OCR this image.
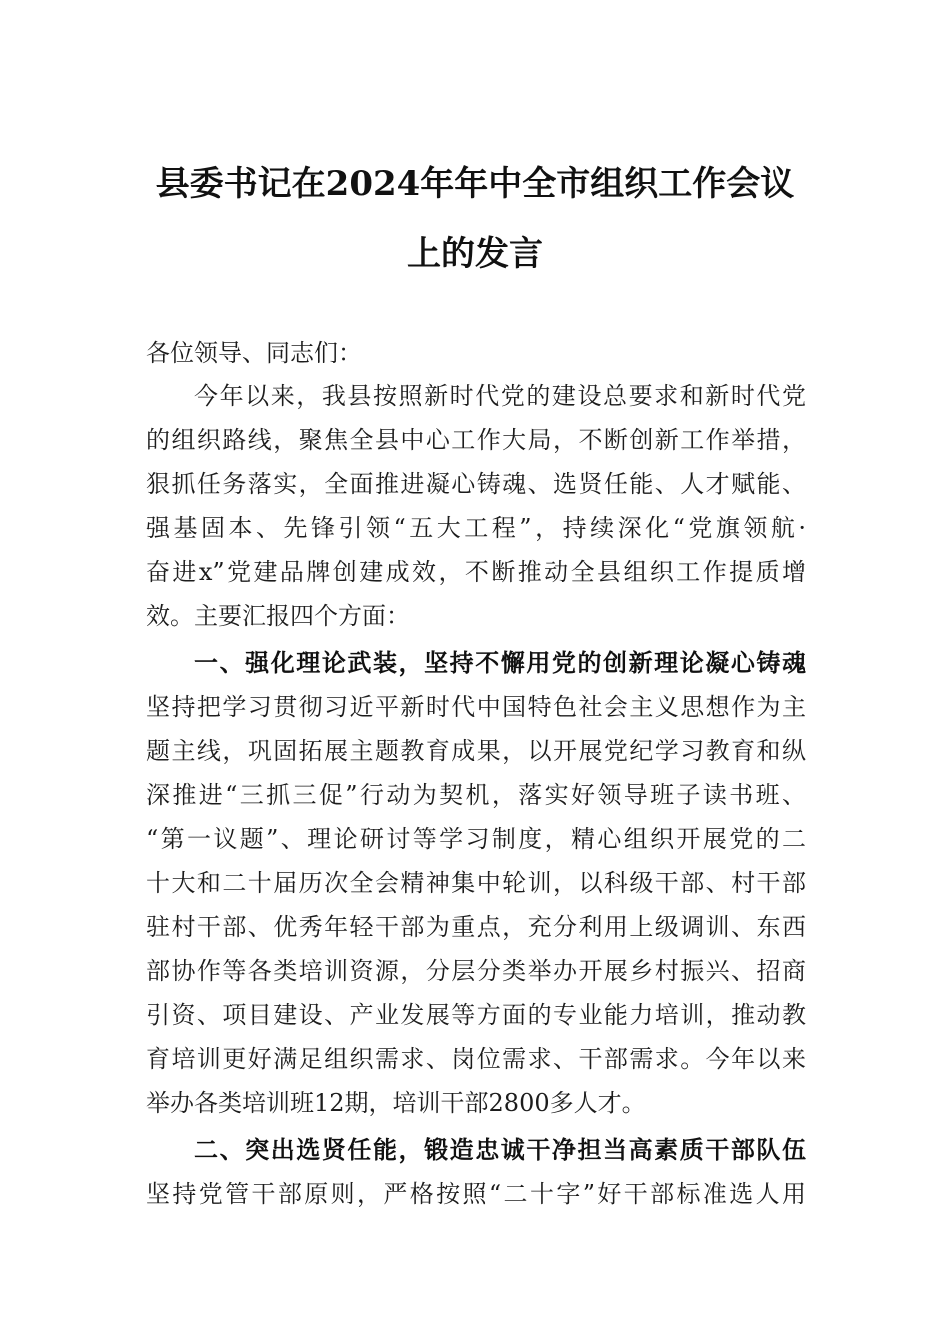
县委书记在2024年年中全市组织工作会议
上的发言
各位领导、同志们：
今年以来，我县按照新时代党的建设总要求和新时代党
的组织路线，聚焦全县中心工作大局，不断创新工作举措，
狠抓任务落实，全面推进凝心铸魂、选贤任能、人才赋能、
强基固本、先锋引领“五大工程”，持续深化“党旗领航·
奋进x”党建品牌创建成效，不断推动全县组织工作提质增
效。主要汇报四个方面：
一、强化理论武装，坚持不懈用党的创新理论凝心铸魂
坚持把学习贯彻习近平新时代中国特色社会主义思想作为主
题主线，巩固拓展主题教育成果，以开展党纪学习教育和纵
深推进“三抓三促”行动为契机，落实好领导班子读书班、
“第一议题”、理论研讨等学习制度，精心组织开展党的二
十大和二十届历次全会精神集中轮训，以科级干部、村干部
驻村干部、优秀年轻干部为重点，充分利用上级调训、东西
部协作等各类培训资源，分层分类举办开展乡村振兴、招商
引资、项目建设、产业发展等方面的专业能力培训，推动教
育培训更好满足组织需求、岗位需求、干部需求。今年以来
举办各类培训班12期，培训干部2800多人才。
二、突出选贤任能，锻造忠诚干净担当高素质干部队伍
坚持党管干部原则，严格按照“二十字”好干部标准选人用
